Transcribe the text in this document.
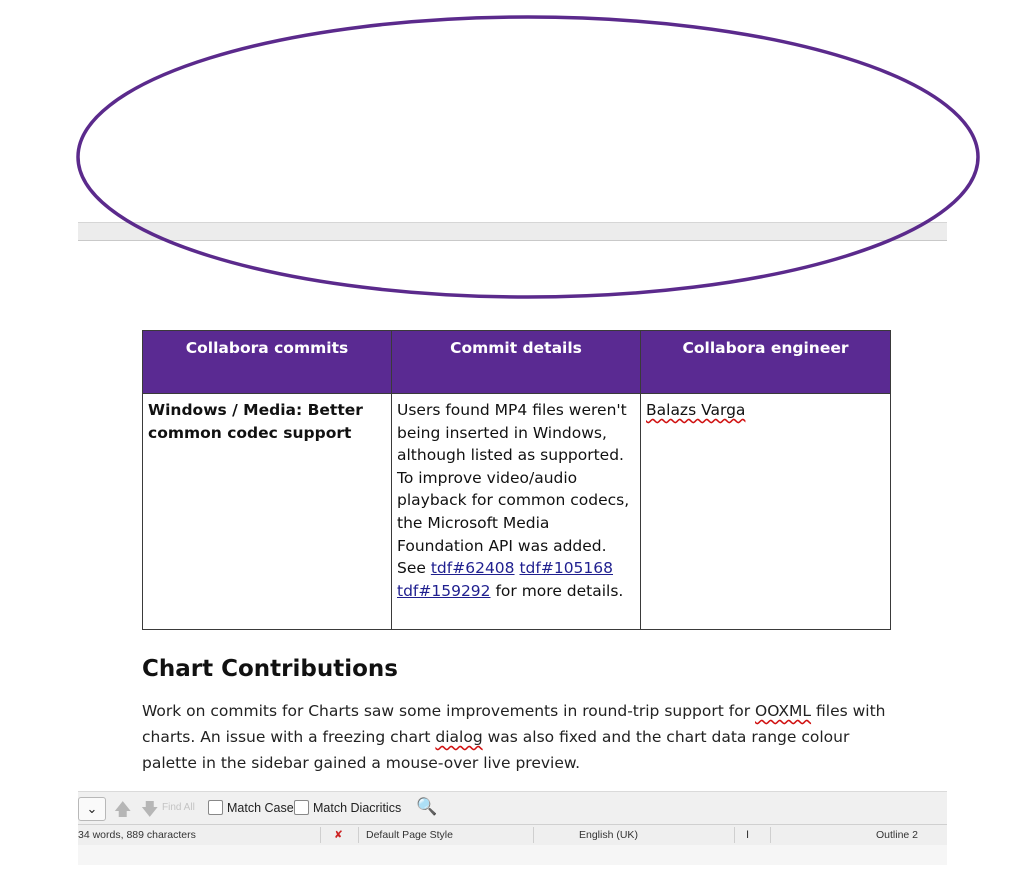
Collabora commits	Commit details	Collabora engineer
Windows / Media: Better common codec support	Users found MP4 files weren't being inserted in Windows, although listed as supported. To improve video/audio playback for common codecs, the Microsoft Media Foundation API was added. See tdf#62408 tdf#105168 tdf#159292 for more details.	Balazs Varga
Chart Contributions

Work on commits for Charts saw some improvements in round-trip support for OOXML files with charts. An issue with a freezing chart dialog was also fixed and the chart data range colour palette in the sidebar gained a mouse-over live preview.

⌄ 🡅 🡇 Find All	Match Case Match Diacritics 🔍
34 words, 889 characters	✘ Default Page Style	English (UK)	Ⅰ	Outline 2
